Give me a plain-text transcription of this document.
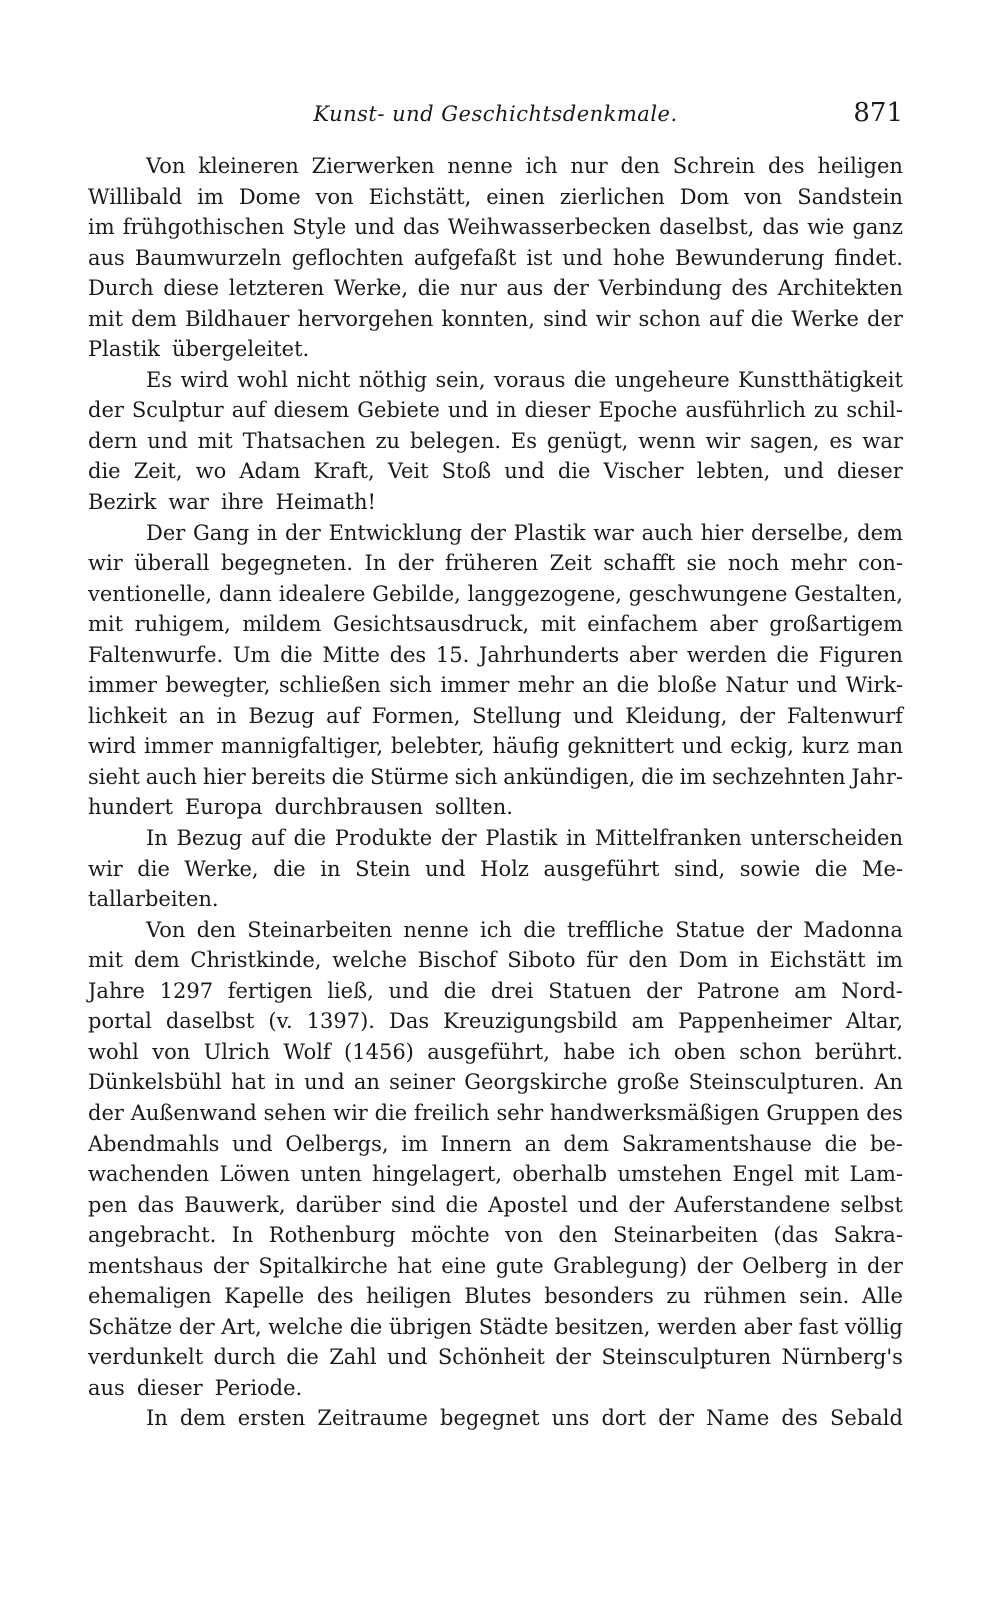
Kunst- und Geschichtsdenkmale.	871
Von kleineren Zierwerken nenne ich nur den Schrein des heiligen
Willibald im Dome von Eichstätt, einen zierlichen Dom von Sandstein
im frühgothischen Style und das Weihwasserbecken daselbst, das wie ganz
aus Baumwurzeln geflochten aufgefaßt ist und hohe Bewunderung findet.
Durch diese letzteren Werke, die nur aus der Verbindung des Architekten
mit dem Bildhauer hervorgehen konnten, sind wir schon auf die Werke der
Plastik übergeleitet.
Es wird wohl nicht nöthig sein, voraus die ungeheure Kunstthätigkeit
der Sculptur auf diesem Gebiete und in dieser Epoche ausführlich zu schil-
dern und mit Thatsachen zu belegen. Es genügt, wenn wir sagen, es war
die Zeit, wo Adam Kraft, Veit Stoß und die Vischer lebten, und dieser
Bezirk war ihre Heimath!
Der Gang in der Entwicklung der Plastik war auch hier derselbe, dem
wir überall begegneten. In der früheren Zeit schafft sie noch mehr con-
ventionelle, dann idealere Gebilde, langgezogene, geschwungene Gestalten,
mit ruhigem, mildem Gesichtsausdruck, mit einfachem aber großartigem
Faltenwurfe. Um die Mitte des 15. Jahrhunderts aber werden die Figuren
immer bewegter, schließen sich immer mehr an die bloße Natur und Wirk-
lichkeit an in Bezug auf Formen, Stellung und Kleidung, der Faltenwurf
wird immer mannigfaltiger, belebter, häufig geknittert und eckig, kurz man
sieht auch hier bereits die Stürme sich ankündigen, die im sechzehnten Jahr-
hundert Europa durchbrausen sollten.
In Bezug auf die Produkte der Plastik in Mittelfranken unterscheiden
wir die Werke, die in Stein und Holz ausgeführt sind, sowie die Me-
tallarbeiten.
Von den Steinarbeiten nenne ich die treffliche Statue der Madonna
mit dem Christkinde, welche Bischof Siboto für den Dom in Eichstätt im
Jahre 1297 fertigen ließ, und die drei Statuen der Patrone am Nord-
portal daselbst (v. 1397). Das Kreuzigungsbild am Pappenheimer Altar,
wohl von Ulrich Wolf (1456) ausgeführt, habe ich oben schon berührt.
Dünkelsbühl hat in und an seiner Georgskirche große Steinsculpturen. An
der Außenwand sehen wir die freilich sehr handwerksmäßigen Gruppen des
Abendmahls und Oelbergs, im Innern an dem Sakramentshause die be-
wachenden Löwen unten hingelagert, oberhalb umstehen Engel mit Lam-
pen das Bauwerk, darüber sind die Apostel und der Auferstandene selbst
angebracht. In Rothenburg möchte von den Steinarbeiten (das Sakra-
mentshaus der Spitalkirche hat eine gute Grablegung) der Oelberg in der
ehemaligen Kapelle des heiligen Blutes besonders zu rühmen sein. Alle
Schätze der Art, welche die übrigen Städte besitzen, werden aber fast völlig
verdunkelt durch die Zahl und Schönheit der Steinsculpturen Nürnberg's
aus dieser Periode.
In dem ersten Zeitraume begegnet uns dort der Name des Sebald
